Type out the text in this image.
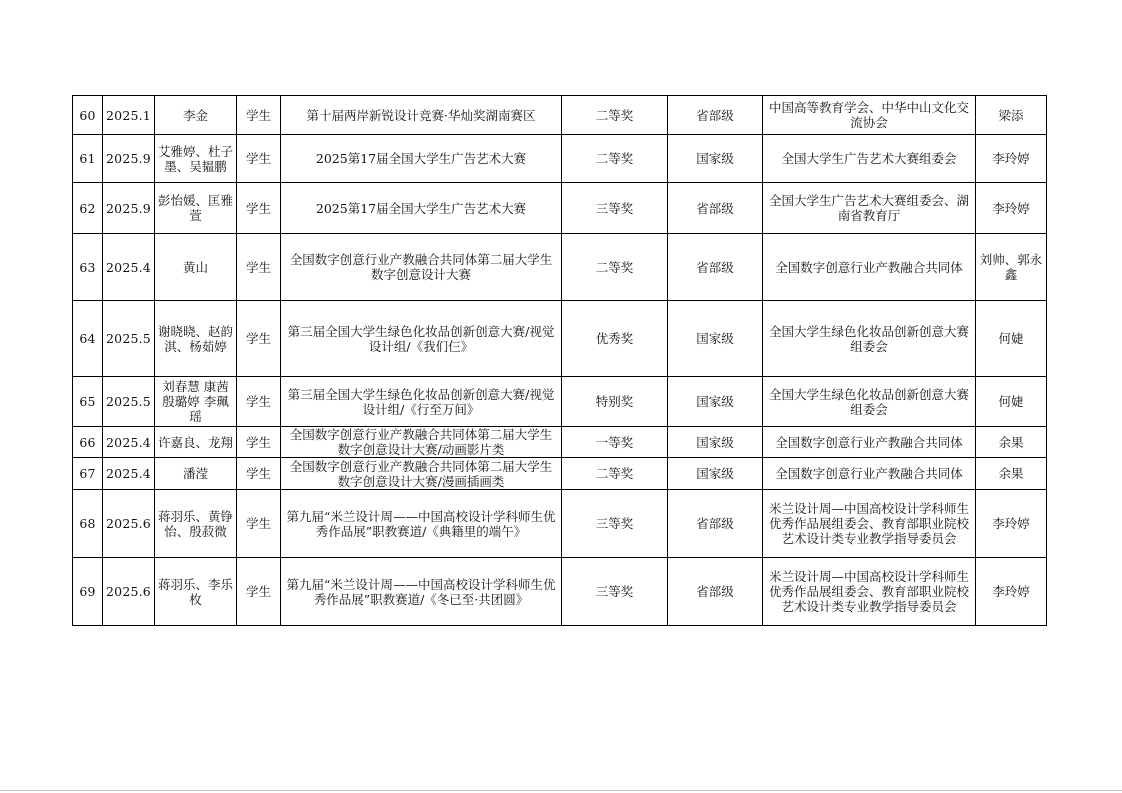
60	2025.1	李金	学生	第十届两岸新锐设计竞赛·华灿奖湖南赛区	二等奖	省部级	中国高等教育学会、中华中山文化交流协会	梁添
61	2025.9	艾雅婷、杜子墨、吴韫鹏	学生	2025第17届全国大学生广告艺术大赛	二等奖	国家级	全国大学生广告艺术大赛组委会	李玲婷
62	2025.9	彭怡媛、匡雅萱	学生	2025第17届全国大学生广告艺术大赛	三等奖	省部级	全国大学生广告艺术大赛组委会、湖南省教育厅	李玲婷
63	2025.4	黄山	学生	全国数字创意行业产教融合共同体第二届大学生数字创意设计大赛	二等奖	省部级	全国数字创意行业产教融合共同体	刘帅、郭永鑫
64	2025.5	谢晓晓、赵韵淇、杨茹婷	学生	第三届全国大学生绿色化妆品创新创意大赛/视觉设计组/《我们仨》	优秀奖	国家级	全国大学生绿色化妆品创新创意大赛组委会	何婕
65	2025.5	刘春慧 康茜 殷璐婷 李珮瑶	学生	第三届全国大学生绿色化妆品创新创意大赛/视觉设计组/《行至万间》	特别奖	国家级	全国大学生绿色化妆品创新创意大赛组委会	何婕
66	2025.4	许嘉良、龙翔	学生	全国数字创意行业产教融合共同体第二届大学生数字创意设计大赛/动画影片类	一等奖	国家级	全国数字创意行业产教融合共同体	余果
67	2025.4	潘滢	学生	全国数字创意行业产教融合共同体第二届大学生数字创意设计大赛/漫画插画类	二等奖	国家级	全国数字创意行业产教融合共同体	余果
68	2025.6	蒋羽乐、黄铮怡、殷菽微	学生	第九届“米兰设计周——中国高校设计学科师生优秀作品展”职教赛道/《典籍里的端午》	三等奖	省部级	米兰设计周—中国高校设计学科师生优秀作品展组委会、教育部职业院校艺术设计类专业教学指导委员会	李玲婷
69	2025.6	蒋羽乐、李乐枚	学生	第九届“米兰设计周——中国高校设计学科师生优秀作品展”职教赛道/《冬已至·共团圆》	三等奖	省部级	米兰设计周—中国高校设计学科师生优秀作品展组委会、教育部职业院校艺术设计类专业教学指导委员会	李玲婷
